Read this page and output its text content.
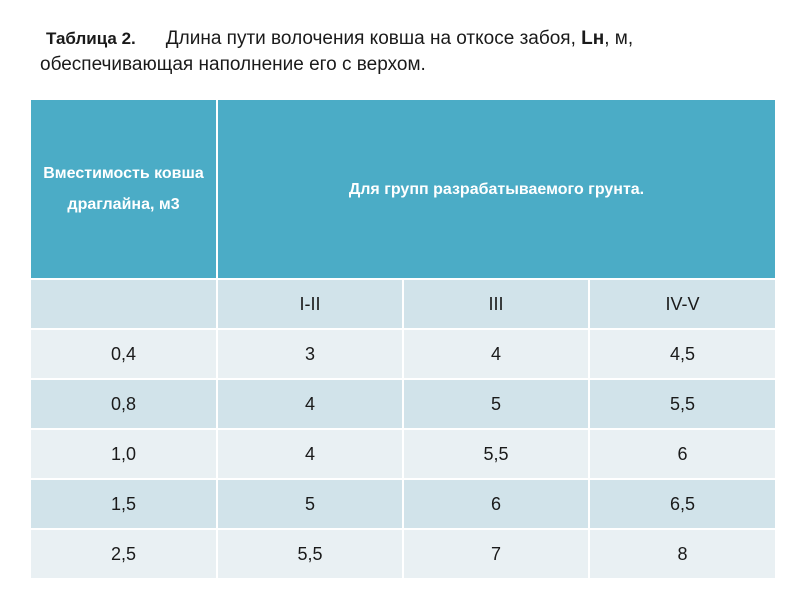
Таблица 2. Длина пути волочения ковша на откосе забоя, Lн, м, обеспечивающая наполнение его с верхом.
Вместимость ковша драглайна, м3	Для групп разрабатываемого грунта.		
	I-II	III	IV-V
0,4	3	4	4,5
0,8	4	5	5,5
1,0	4	5,5	6
1,5	5	6	6,5
2,5	5,5	7	8
